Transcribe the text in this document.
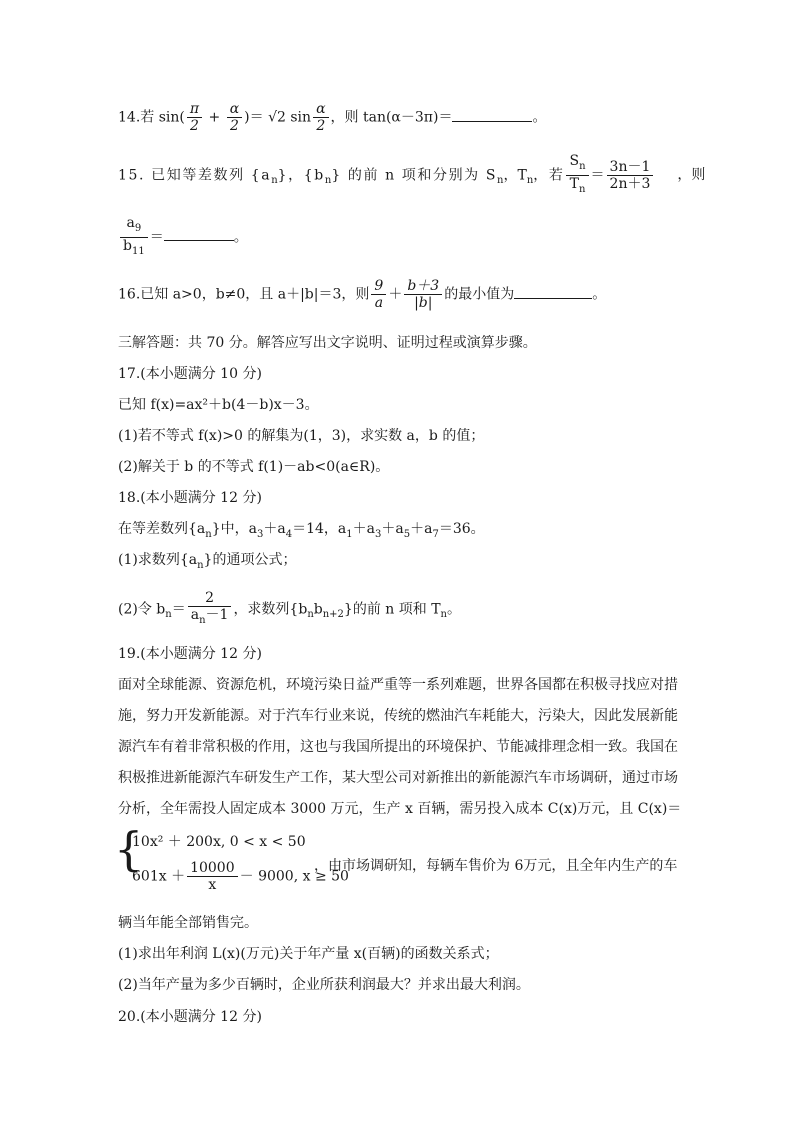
14.若 $\sin( \frac{\pi}{2} + \frac{\alpha}{2}$ )＝ √2 $\sin \frac{\alpha}{2}$ ，则 tan(α－3π)＝	。
15. 已知等差数列 $\{a_n\}$，$\{b_n\}$ 的前 n 项和分别为 $S_n$，$T_n$，若 $\frac{S_n}{T_n} = \frac{3n-1}{2n+3}$ ，则
$\frac{a_9}{b_{11}}$ ＝	。
16.已知 a>0，b≠0，且 a＋|b|＝3，则 $\frac{9}{a} + \frac{b+3}{|b|}$ 的最小值为	。
三解答题：共 70 分。解答应写出文字说明、证明过程或演算步骤。
17.(本小题满分 10 分)
已知 f(x)=ax²＋b(4－b)x－3。
(1)若不等式 f(x)>0 的解集为(1，3)，求实数 a，b 的值；
(2)解关于 b 的不等式 f(1)－ab<0(a∈R)。
18.(本小题满分 12 分)
在等差数列$\{a_n\}$中，$a_3+a_4=14$，$a_1+a_3+a_5+a_7=36$。
(1)求数列$\{a_n\}$的通项公式；
(2)令 $b_n= \frac{2}{a_n-1}$ ，求数列$\{b_nb_{n+2}\}$的前 n 项和 $T_n$。
19.(本小题满分 12 分)
面对全球能源、资源危机，环境污染日益严重等一系列难题，世界各国都在积极寻找应对措
施，努力开发新能源。对于汽车行业来说，传统的燃油汽车耗能大，污染大，因此发展新能
源汽车有着非常积极的作用，这也与我国所提出的环境保护、节能减排理念相一致。我国在
积极推进新能源汽车研发生产工作，某大型公司对新推出的新能源汽车市场调研，通过市场
分析，全年需投人固定成本 3000 万元，生产 x 百辆，需另投入成本 C(x)万元，且 C(x)＝
{
10x² ＋ 200x, 0 < x < 50
$601x + \frac{10000}{x} - 9000$, x ≥ 50
，由市场调研知，每辆车售价为 6万元，且全年内生产的车
辆当年能全部销售完。
(1)求出年利润 L(x)(万元)关于年产量 x(百辆)的函数关系式；
(2)当年产量为多少百辆时，企业所获利润最大？并求出最大利润。
20.(本小题满分 12 分)
